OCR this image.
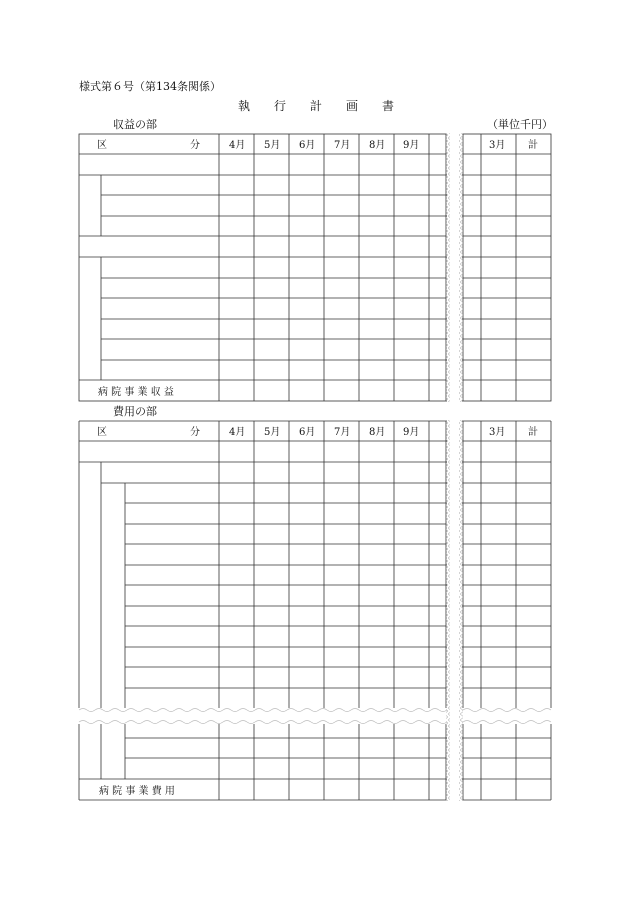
様式第６号（第134条関係）
執　　行　　計　　画　　書
収益の部	（単位千円）
費用の部
区	分	4月 5月 6月 7月 8月 9月	3月 計
病 院 事 業 収 益
区	分	4月 5月 6月 7月 8月 9月	3月 計
病 院 事 業 費 用
